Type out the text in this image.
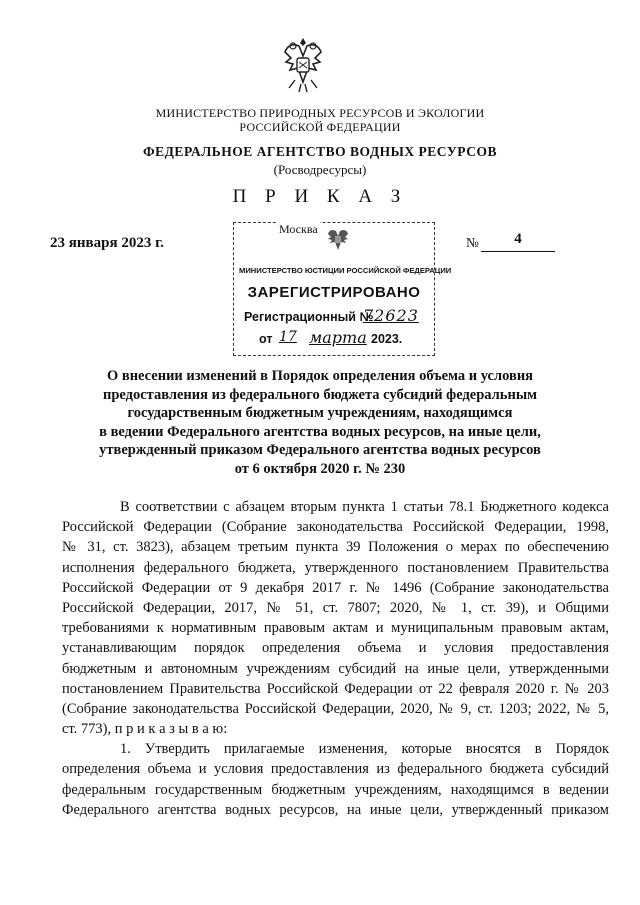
МИНИСТЕРСТВО ПРИРОДНЫХ РЕСУРСОВ И ЭКОЛОГИИ
РОССИЙСКОЙ ФЕДЕРАЦИИ
ФЕДЕРАЛЬНОЕ АГЕНТСТВО ВОДНЫХ РЕСУРСОВ
(Росводресурсы)
П Р И К А З
23 января 2023 г.	№	4
Москва
МИНИСТЕРСТВО ЮСТИЦИИ РОССИЙСКОЙ ФЕДЕРАЦИИ
ЗАРЕГИСТРИРОВАНО
Регистрационный №
72623
от 17 марта 2023.
О внесении изменений в Порядок определения объема и условия
предоставления из федерального бюджета субсидий федеральным
государственным бюджетным учреждениям, находящимся
в ведении Федерального агентства водных ресурсов, на иные цели,
утвержденный приказом Федерального агентства водных ресурсов
от 6 октября 2020 г. № 230
В соответствии с абзацем вторым пункта 1 статьи 78.1 Бюджетного кодекса
Российской Федерации (Собрание законодательства Российской Федерации, 1998,
№ 31, ст. 3823), абзацем третьим пункта 39 Положения о мерах по обеспечению
исполнения федерального бюджета, утвержденного постановлением Правительства
Российской Федерации от 9 декабря 2017 г. № 1496 (Собрание законодательства
Российской Федерации, 2017, № 51, ст. 7807; 2020, № 1, ст. 39), и Общими
требованиями к нормативным правовым актам и муниципальным правовым актам,
устанавливающим порядок определения объема и условия предоставления
бюджетным и автономным учреждениям субсидий на иные цели, утвержденными
постановлением Правительства Российской Федерации от 22 февраля 2020 г. № 203
(Собрание законодательства Российской Федерации, 2020, № 9, ст. 1203; 2022, № 5,
ст. 773), п р и к а з ы в а ю:
1. Утвердить прилагаемые изменения, которые вносятся в Порядок
определения объема и условия предоставления из федерального бюджета субсидий
федеральным государственным бюджетным учреждениям, находящимся в ведении
Федерального агентства водных ресурсов, на иные цели, утвержденный приказом
